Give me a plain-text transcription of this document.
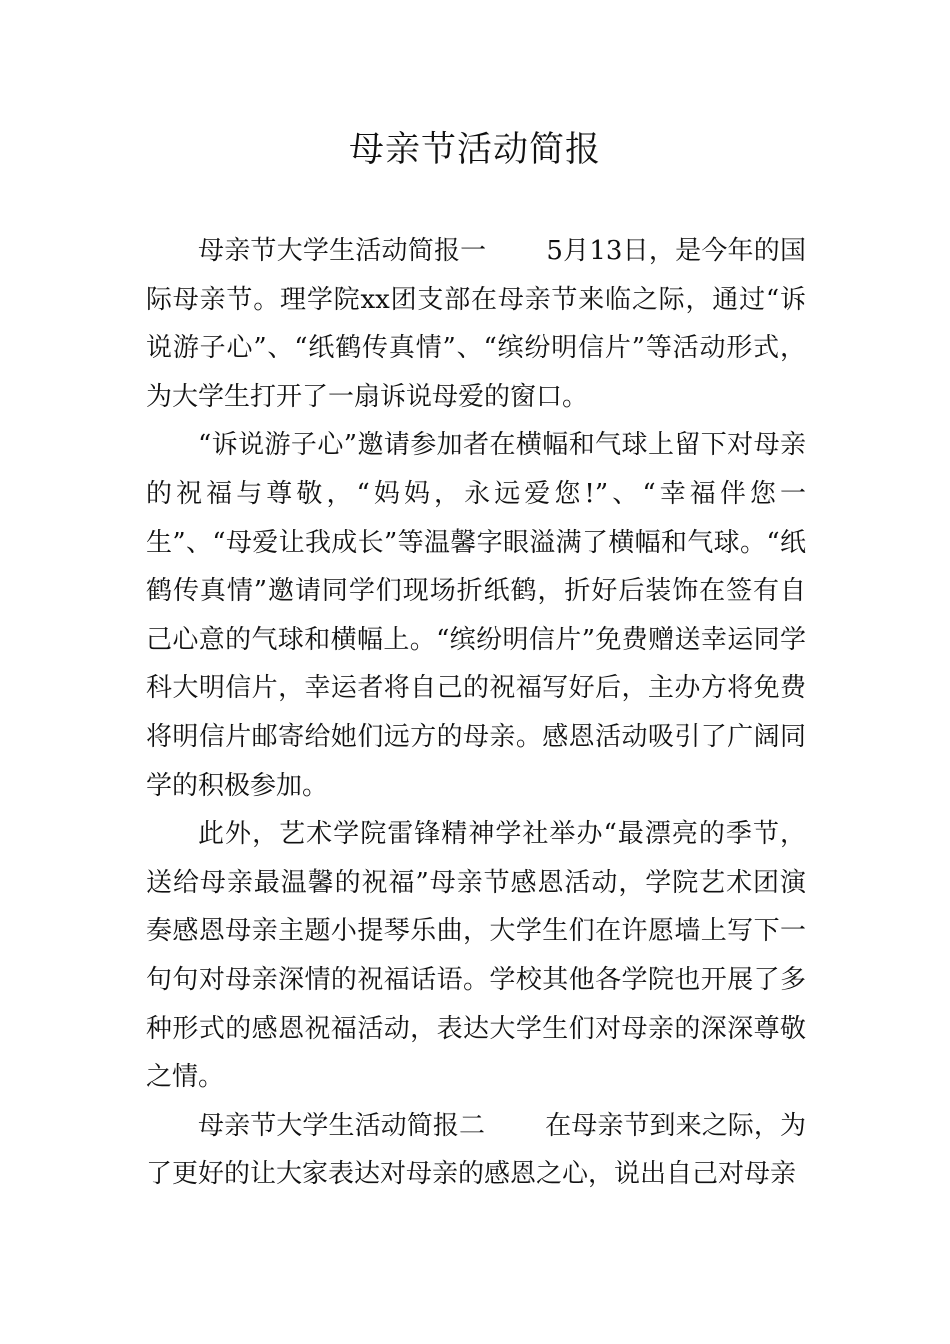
母亲节活动简报

母亲节大学生活动简报一 5月13日，是今年的国际母亲节。理学院xx团支部在母亲节来临之际，通过“诉说游子心”、“纸鹤传真情”、“缤纷明信片”等活动形式，为大学生打开了一扇诉说母爱的窗口。

“诉说游子心”邀请参加者在横幅和气球上留下对母亲的祝福与尊敬，“妈妈，永远爱您!”、“幸福伴您一生”、“母爱让我成长”等温馨字眼溢满了横幅和气球。“纸鹤传真情”邀请同学们现场折纸鹤，折好后装饰在签有自己心意的气球和横幅上。“缤纷明信片”免费赠送幸运同学科大明信片，幸运者将自己的祝福写好后，主办方将免费将明信片邮寄给她们远方的母亲。感恩活动吸引了广阔同学的积极参加。

此外，艺术学院雷锋精神学社举办“最漂亮的季节，送给母亲最温馨的祝福”母亲节感恩活动，学院艺术团演奏感恩母亲主题小提琴乐曲，大学生们在许愿墙上写下一句句对母亲深情的祝福话语。学校其他各学院也开展了多种形式的感恩祝福活动，表达大学生们对母亲的深深尊敬之情。

母亲节大学生活动简报二 在母亲节到来之际，为了更好的让大家表达对母亲的感恩之心，说出自己对母亲
